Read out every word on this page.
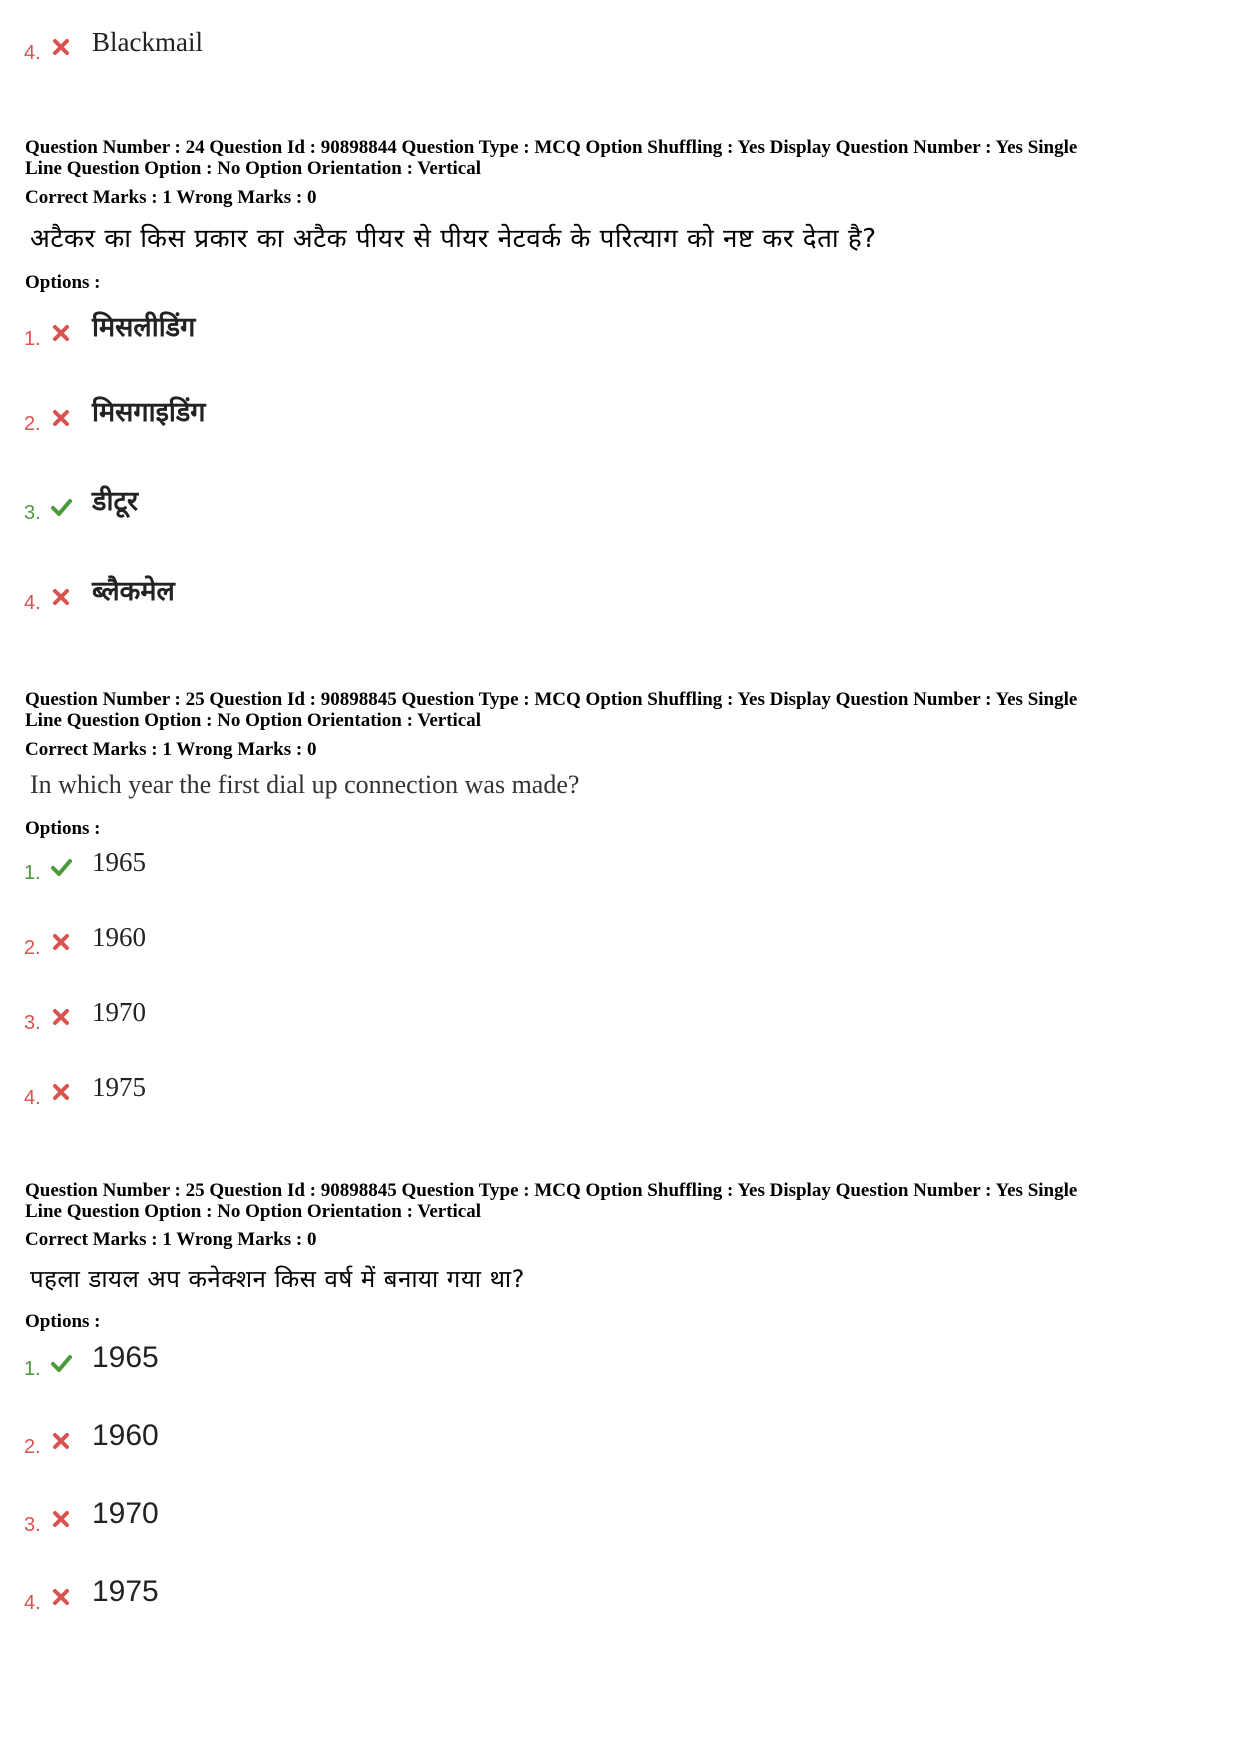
4. Blackmail
Question Number : 24 Question Id : 90898844 Question Type : MCQ Option Shuffling : Yes Display Question Number : Yes Single
Line Question Option : No Option Orientation : Vertical
Correct Marks : 1 Wrong Marks : 0
अटैकर का किस प्रकार का अटैक पीयर से पीयर नेटवर्क के परित्याग को नष्ट कर देता है?
Options :
1. मिसलीडिंग
2. मिसगाइडिंग
3. डीटूर
4. ब्लैकमेल
Question Number : 25 Question Id : 90898845 Question Type : MCQ Option Shuffling : Yes Display Question Number : Yes Single
Line Question Option : No Option Orientation : Vertical
Correct Marks : 1 Wrong Marks : 0
In which year the first dial up connection was made?
Options :
1. 1965
2. 1960
3. 1970
4. 1975
Question Number : 25 Question Id : 90898845 Question Type : MCQ Option Shuffling : Yes Display Question Number : Yes Single
Line Question Option : No Option Orientation : Vertical
Correct Marks : 1 Wrong Marks : 0
पहला डायल अप कनेक्शन किस वर्ष में बनाया गया था?
Options :
1. 1965
2. 1960
3. 1970
4. 1975
